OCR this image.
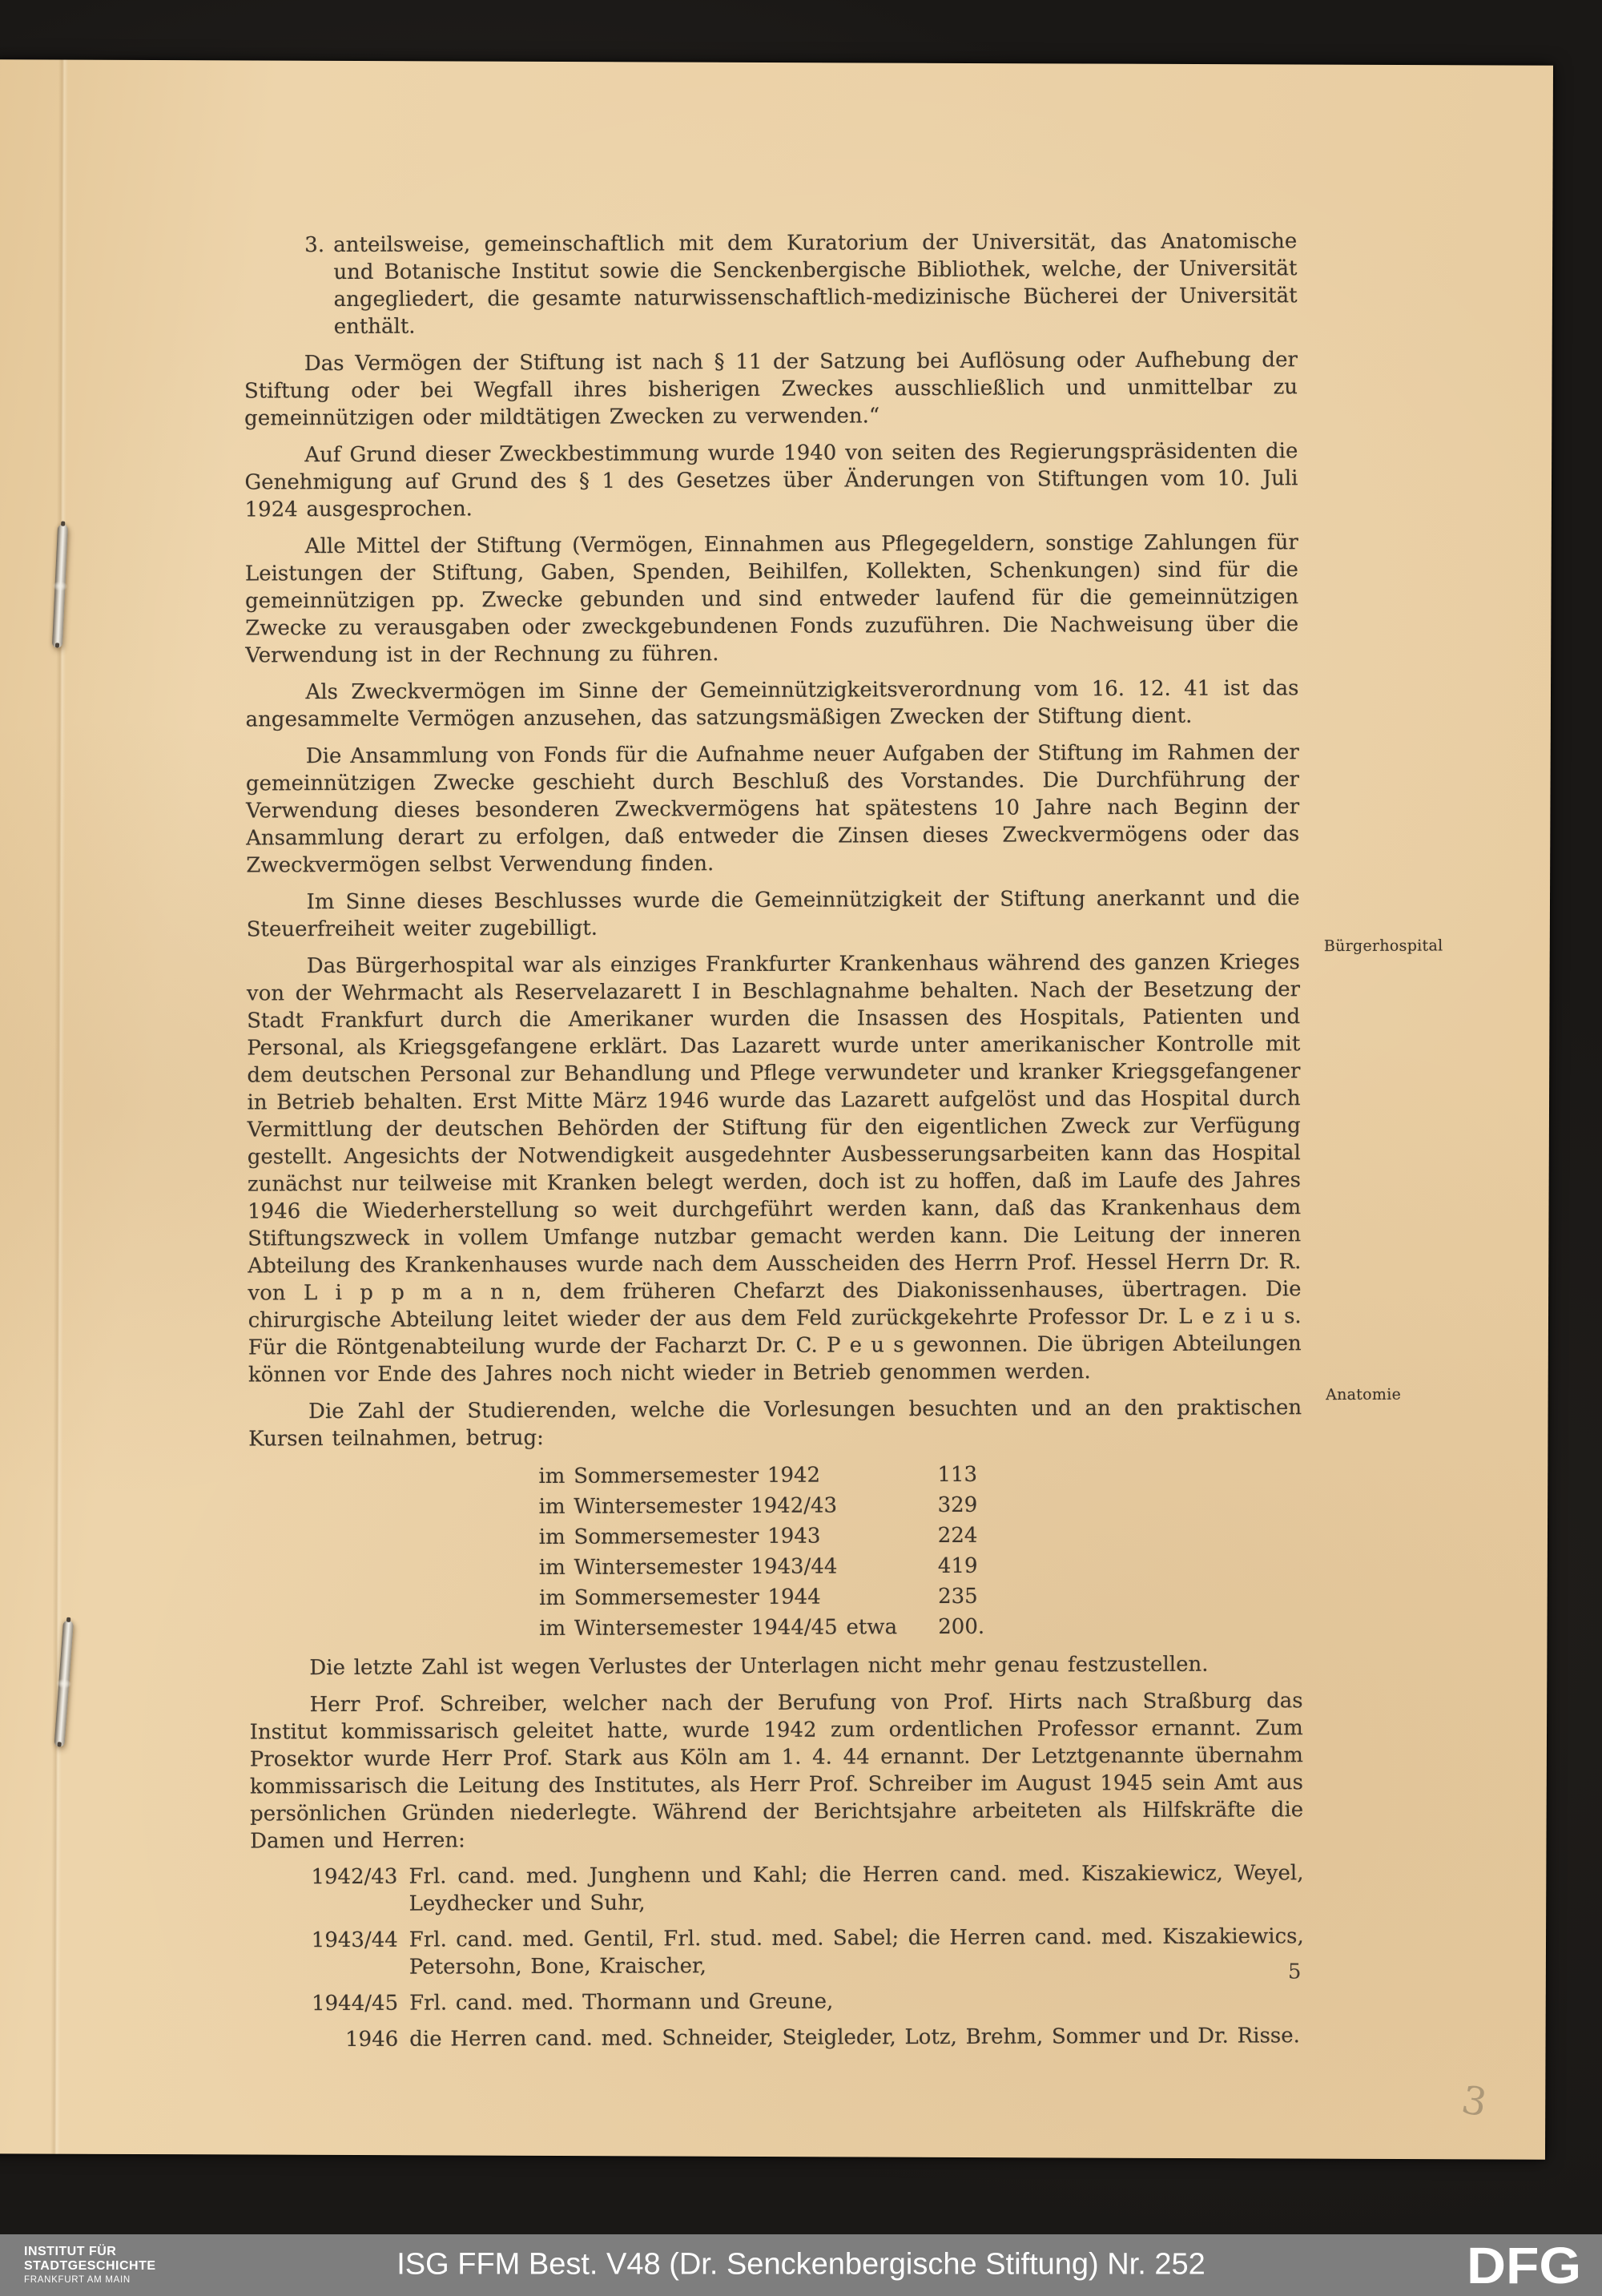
3. anteilsweise, gemeinschaftlich mit dem Kuratorium der Universität, das Anatomische und Botanische Institut sowie die Senckenbergische Bibliothek, welche, der Universität angegliedert, die gesamte naturwissenschaftlich-medizinische Bücherei der Universität enthält.

Das Vermögen der Stiftung ist nach § 11 der Satzung bei Auflösung oder Aufhebung der Stiftung oder bei Wegfall ihres bisherigen Zweckes ausschließlich und unmittelbar zu gemeinnützigen oder mildtätigen Zwecken zu verwenden.“

Auf Grund dieser Zweckbestimmung wurde 1940 von seiten des Regierungspräsidenten die Genehmigung auf Grund des § 1 des Gesetzes über Änderungen von Stiftungen vom 10. Juli 1924 ausgesprochen.

Alle Mittel der Stiftung (Vermögen, Einnahmen aus Pflegegeldern, sonstige Zahlungen für Leistungen der Stiftung, Gaben, Spenden, Beihilfen, Kollekten, Schenkungen) sind für die gemeinnützigen pp. Zwecke gebunden und sind entweder laufend für die gemeinnützigen Zwecke zu verausgaben oder zweckgebundenen Fonds zuzuführen. Die Nachweisung über die Verwendung ist in der Rechnung zu führen.

Als Zweckvermögen im Sinne der Gemeinnützigkeitsverordnung vom 16. 12. 41 ist das angesammelte Vermögen anzusehen, das satzungsmäßigen Zwecken der Stiftung dient.

Die Ansammlung von Fonds für die Aufnahme neuer Aufgaben der Stiftung im Rahmen der gemeinnützigen Zwecke geschieht durch Beschluß des Vorstandes. Die Durchführung der Verwendung dieses besonderen Zweckvermögens hat spätestens 10 Jahre nach Beginn der Ansammlung derart zu erfolgen, daß entweder die Zinsen dieses Zweckvermögens oder das Zweckvermögen selbst Verwendung finden.

Im Sinne dieses Beschlusses wurde die Gemeinnützigkeit der Stiftung anerkannt und die Steuerfreiheit weiter zugebilligt.

Das Bürgerhospital war als einziges Frankfurter Krankenhaus während des ganzen Krieges von der Wehrmacht als Reservelazarett I in Beschlagnahme behalten. Nach der Besetzung der Stadt Frankfurt durch die Amerikaner wurden die Insassen des Hospitals, Patienten und Personal, als Kriegsgefangene erklärt. Das Lazarett wurde unter amerikanischer Kontrolle mit dem deutschen Personal zur Behandlung und Pflege verwundeter und kranker Kriegsgefangener in Betrieb behalten. Erst Mitte März 1946 wurde das Lazarett aufgelöst und das Hospital durch Vermittlung der deutschen Behörden der Stiftung für den eigentlichen Zweck zur Verfügung gestellt. Angesichts der Notwendigkeit ausgedehnter Ausbesserungsarbeiten kann das Hospital zunächst nur teilweise mit Kranken belegt werden, doch ist zu hoffen, daß im Laufe des Jahres 1946 die Wiederherstellung so weit durchgeführt werden kann, daß das Krankenhaus dem Stiftungszweck in vollem Umfange nutzbar gemacht werden kann. Die Leitung der inneren Abteilung des Krankenhauses wurde nach dem Ausscheiden des Herrn Prof. Hessel Herrn Dr. R. von L i p p m a n n, dem früheren Chefarzt des Diakonissenhauses, übertragen. Die chirurgische Abteilung leitet wieder der aus dem Feld zurückgekehrte Professor Dr. L e z i u s. Für die Röntgenabteilung wurde der Facharzt Dr. C. P e u s gewonnen. Die übrigen Abteilungen können vor Ende des Jahres noch nicht wieder in Betrieb genommen werden.
Bürgerhospital

Die Zahl der Studierenden, welche die Vorlesungen besuchten und an den praktischen Kursen teilnahmen, betrug:
Anatomie

im Sommersemester 1942	113
im Wintersemester 1942/43	329
im Sommersemester 1943	224
im Wintersemester 1943/44	419
im Sommersemester 1944	235
im Wintersemester 1944/45 etwa	200.

Die letzte Zahl ist wegen Verlustes der Unterlagen nicht mehr genau festzustellen.

Herr Prof. Schreiber, welcher nach der Berufung von Prof. Hirts nach Straßburg das Institut kommissarisch geleitet hatte, wurde 1942 zum ordentlichen Professor ernannt. Zum Prosektor wurde Herr Prof. Stark aus Köln am 1. 4. 44 ernannt. Der Letztgenannte übernahm kommissarisch die Leitung des Institutes, als Herr Prof. Schreiber im August 1945 sein Amt aus persönlichen Gründen niederlegte. Während der Berichtsjahre arbeiteten als Hilfskräfte die Damen und Herren:

1942/43 Frl. cand. med. Junghenn und Kahl; die Herren cand. med. Kiszakiewicz, Weyel, Leydhecker und Suhr,
1943/44 Frl. cand. med. Gentil, Frl. stud. med. Sabel; die Herren cand. med. Kiszakiewics, Petersohn, Bone, Kraischer,
1944/45 Frl. cand. med. Thormann und Greune,
1946 die Herren cand. med. Schneider, Steigleder, Lotz, Brehm, Sommer und Dr. Risse.
5
3
INSTITUT FÜR
STADTGESCHICHTE
FRANKFURT AM MAIN	ISG FFM Best. V48 (Dr. Senckenbergische Stiftung) Nr. 252	DFG
